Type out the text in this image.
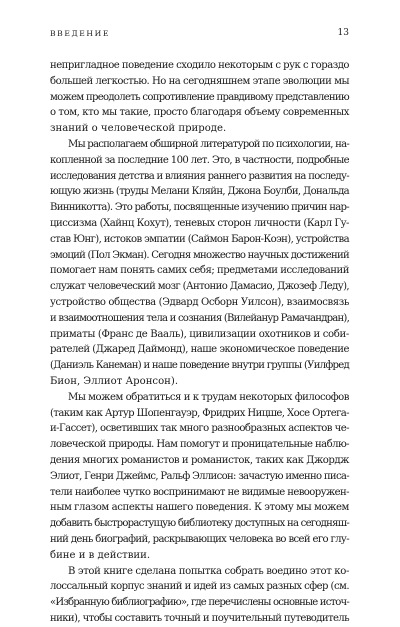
ВВЕДЕНИЕ	13
непригладное поведение сходило некоторым с рук с гораздо
большей легкостью. Но на сегодняшнем этапе эволюции мы
можем преодолеть сопротивление правдивому представлению
о том, кто мы такие, просто благодаря объему современных
знаний о человеческой природе.
Мы располагаем обширной литературой по психологии, на-
копленной за последние 100 лет. Это, в частности, подробные
исследования детства и влияния раннего развития на последу-
ющую жизнь (труды Мелани Кляйн, Джона Боулби, Дональда
Винникотта). Это работы, посвященные изучению причин нар-
циссизма (Хайнц Кохут), теневых сторон личности (Карл Гу-
став Юнг), истоков эмпатии (Саймон Барон-Коэн), устройства
эмоций (Пол Экман). Сегодня множество научных достижений
помогает нам понять самих себя; предметами исследований
служат человеческий мозг (Антонио Дамасио, Джозеф Леду),
устройство общества (Эдвард Осборн Уилсон), взаимосвязь
и взаимоотношения тела и сознания (Вилейанур Рамачандран),
приматы (Франс де Вааль), цивилизации охотников и соби-
рателей (Джаред Даймонд), наше экономическое поведение
(Даниэль Канеман) и наше поведение внутри группы (Уилфред
Бион, Эллиот Аронсон).
Мы можем обратиться и к трудам некоторых философов
(таким как Артур Шопенгауэр, Фридрих Ницше, Хосе Ортега-
и-Гассет), осветивших так много разнообразных аспектов че-
ловеческой природы. Нам помогут и проницательные наблю-
дения многих романистов и романисток, таких как Джордж
Элиот, Генри Джеймс, Ральф Эллисон: зачастую именно писа-
тели наиболее чутко воспринимают не видимые невооружен-
ным глазом аспекты нашего поведения. К этому мы можем
добавить быстрорастущую библиотеку доступных на сегодняш-
ний день биографий, раскрывающих человека во всей его глу-
бине и в действии.
В этой книге сделана попытка собрать воедино этот ко-
лоссальный корпус знаний и идей из самых разных сфер (см.
«Избранную библиографию», где перечислены основные источ-
ники), чтобы составить точный и поучительный путеводитель
